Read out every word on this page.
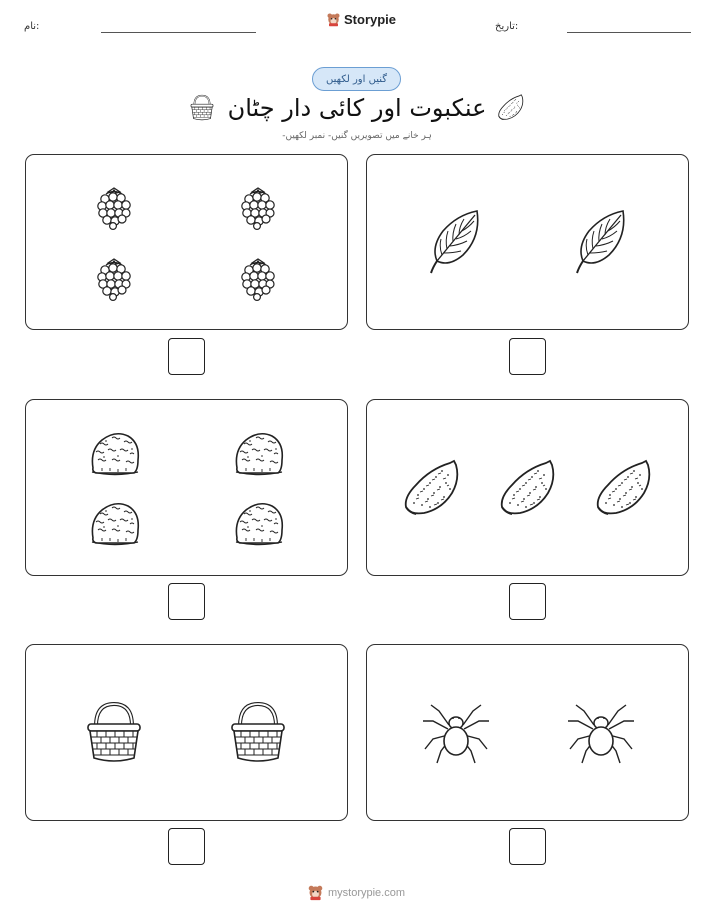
نام:	Storypie	تاریخ:
گنیں اور لکھیں
عنکبوت اور کائی دار چٹان
ہر خانے میں تصویریں گنیں- نمبر لکھیں-
mystorypie.com
